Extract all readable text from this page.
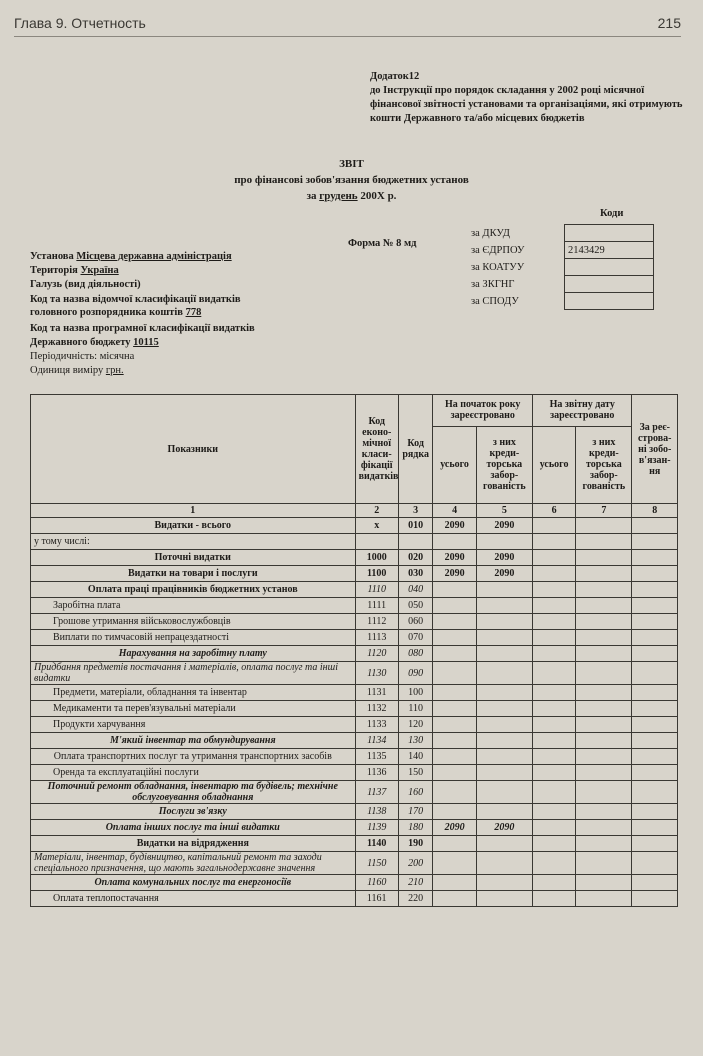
Глава 9. Отчетность	215
Додаток12
до Інструкції про порядок складання у 2002 році місячної фінансової звітності установами та організаціями, які отримують кошти Державного та/або місцевих бюджетів
ЗВІТ
про фінансові зобов'язання бюджетних установ
за грудень 200Х р.
Коди
Форма № 8 мд
за ДКУД	
за ЄДРПОУ	2143429
за КОАТУУ	
за ЗКГНГ	
за СПОДУ	
Установа Місцева державна адміністрація
Територія Україна
Галузь (вид діяльності)
Код та назва відомчої класифікації видатків
головного розпорядника коштів 778
Код та назва програмної класифікації видатків
Державного бюджету 10115
Періодичність: місячна
Одиниця виміру грн.
Показники	Код еконо-мічної класи-фікації видатків	Код рядка	На початок року зареєстровано		На звітну дату зареєстровано		За реє-строва-ні зобо-в'язан-ня
			усього	з них креди-торська забор-гованість	усього	з них креди-торська забор-гованість	
1	2	3	4	5	6	7	8
Видатки - всього	х	010	2090	2090			
у тому числі:							
Поточні видатки	1000	020	2090	2090			
Видатки на товари і послуги	1100	030	2090	2090			
Оплата праці працівників бюджетних установ	1110	040					
Заробітна плата	1111	050					
Грошове утримання військовослужбовців	1112	060					
Виплати по тимчасовій непрацездатності	1113	070					
Нарахування на заробітну плату	1120	080					
Придбання предметів постачання і матеріалів, оплата послуг та інші видатки	1130	090					
Предмети, матеріали, обладнання та інвентар	1131	100					
Медикаменти та перев'язувальні матеріали	1132	110					
Продукти харчування	1133	120					
М'який інвентар та обмундирування	1134	130					
Оплата транспортних послуг та утримання транспортних засобів	1135	140					
Оренда та експлуатаційні послуги	1136	150					
Поточний ремонт обладнання, інвентарю та будівель; технічне обслуговування обладнання	1137	160					
Послуги зв'язку	1138	170					
Оплата інших послуг та інші видатки	1139	180	2090	2090			
Видатки на відрядження	1140	190					
Матеріали, інвентар, будівництво, капітальний ремонт та заходи спеціального призначення, що мають загальнодержавне значення	1150	200					
Оплата комунальних послуг та енергоносіїв	1160	210					
Оплата теплопостачання	1161	220					
